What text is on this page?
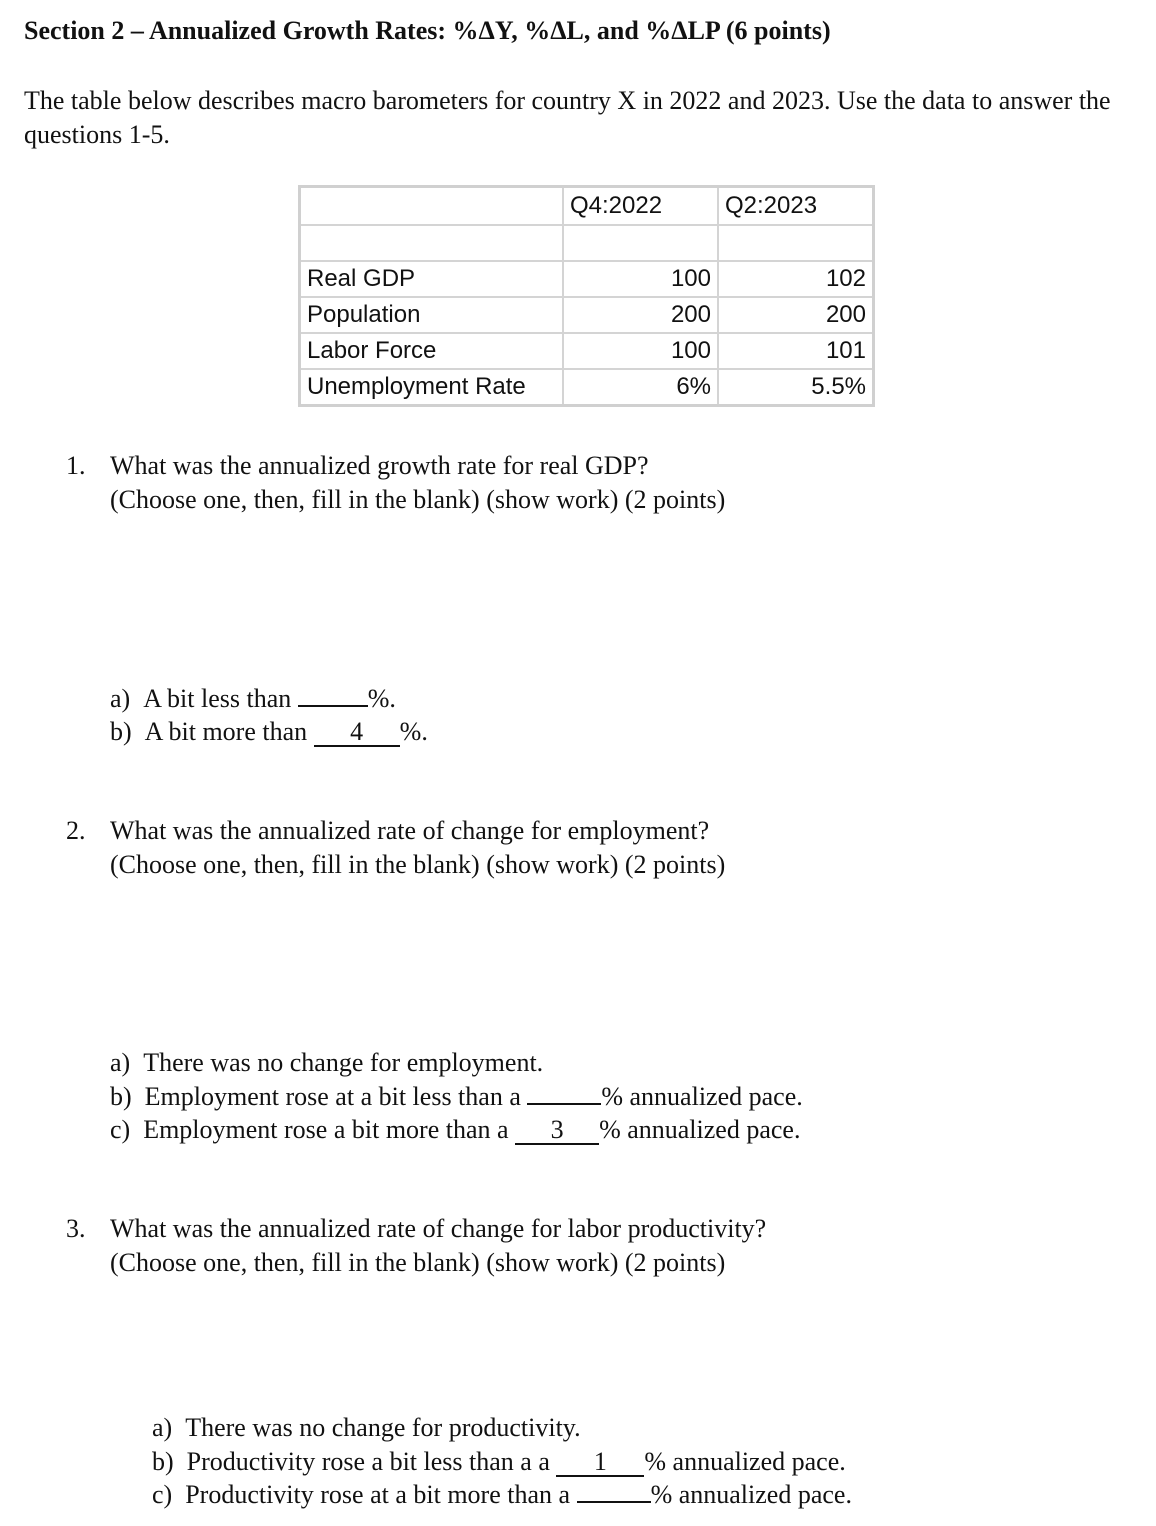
Section 2 – Annualized Growth Rates: %ΔY, %ΔL, and %ΔLP (6 points)
The table below describes macro barometers for country X in 2022 and 2023. Use the data to answer the questions 1-5.
	Q4:2022	Q2:2023

Real GDP	100	102
Population	200	200
Labor Force	100	101
Unemployment Rate	6%	5.5%
1. What was the annualized growth rate for real GDP?
(Choose one, then, fill in the blank) (show work) (2 points)
a) A bit less than	%.
b) A bit more than 4 %.
2. What was the annualized rate of change for employment?
(Choose one, then, fill in the blank) (show work) (2 points)
a) There was no change for employment.
b) Employment rose at a bit less than a	% annualized pace.
c) Employment rose a bit more than a 3 % annualized pace.
3. What was the annualized rate of change for labor productivity?
(Choose one, then, fill in the blank) (show work) (2 points)
a) There was no change for productivity.
b) Productivity rose a bit less than a a 1 % annualized pace.
c) Productivity rose at a bit more than a	% annualized pace.
